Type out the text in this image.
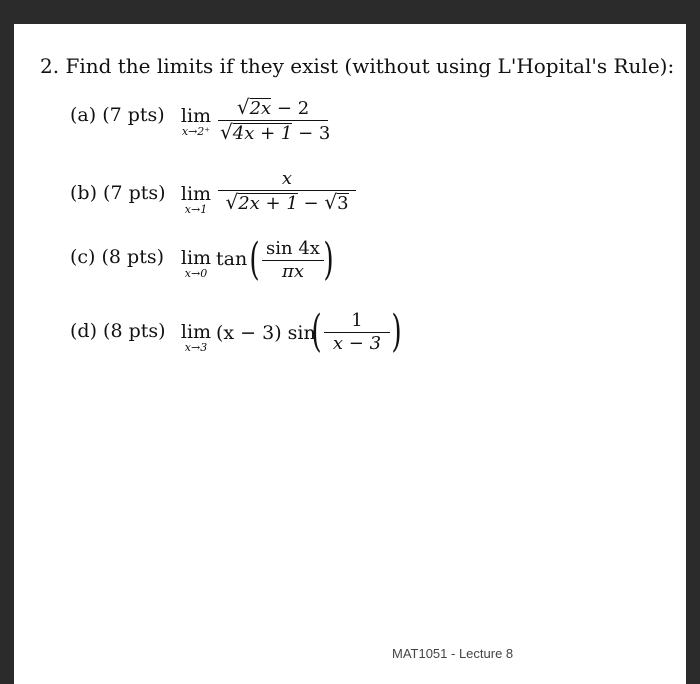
2. Find the limits if they exist (without using L'Hopital's Rule):
(a) (7 pts) lim
x→2⁺
√2x − 2
√4x + 1 − 3
(b) (7 pts) lim
x→1
x
√2x + 1 − √3
(c) (8 pts) lim
x→0
tan ( sin 4x
πx )
(d) (8 pts) lim
x→3
(x − 3) sin
(	1
x − 3 )
MAT1051 - Lecture 8
